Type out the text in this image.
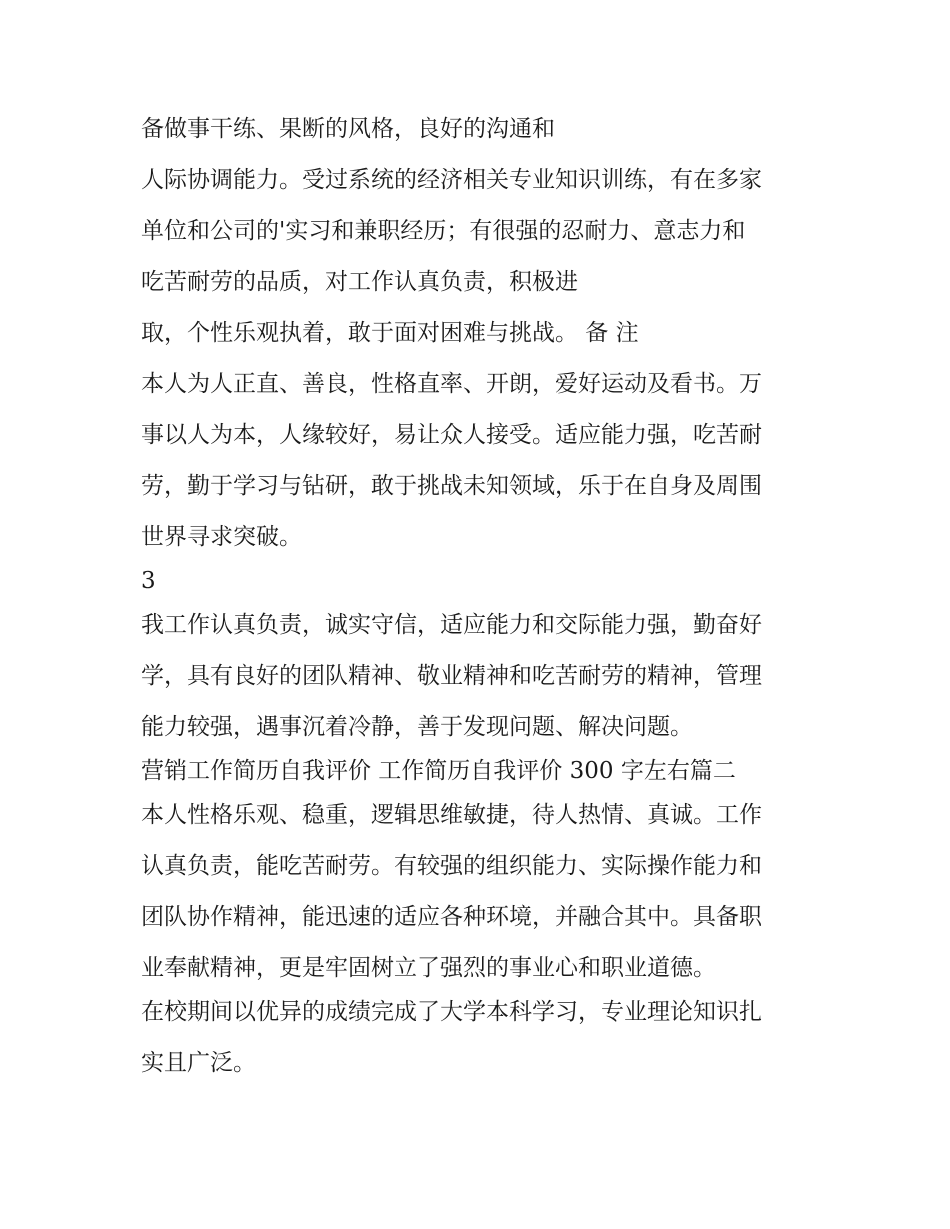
备做事干练、果断的风格，良好的沟通和
人际协调能力。受过系统的经济相关专业知识训练，有在多家
单位和公司的'实习和兼职经历；有很强的忍耐力、意志力和
吃苦耐劳的品质，对工作认真负责，积极进
取，个性乐观执着，敢于面对困难与挑战。 备 注
本人为人正直、善良，性格直率、开朗，爱好运动及看书。万
事以人为本，人缘较好，易让众人接受。适应能力强，吃苦耐
劳，勤于学习与钻研，敢于挑战未知领域，乐于在自身及周围
世界寻求突破。
3
我工作认真负责，诚实守信，适应能力和交际能力强，勤奋好
学，具有良好的团队精神、敬业精神和吃苦耐劳的精神，管理
能力较强，遇事沉着冷静，善于发现问题、解决问题。
营销工作简历自我评价 工作简历自我评价 300 字左右篇二
本人性格乐观、稳重，逻辑思维敏捷，待人热情、真诚。工作
认真负责，能吃苦耐劳。有较强的组织能力、实际操作能力和
团队协作精神，能迅速的适应各种环境，并融合其中。具备职
业奉献精神，更是牢固树立了强烈的事业心和职业道德。
在校期间以优异的成绩完成了大学本科学习，专业理论知识扎
实且广泛。
